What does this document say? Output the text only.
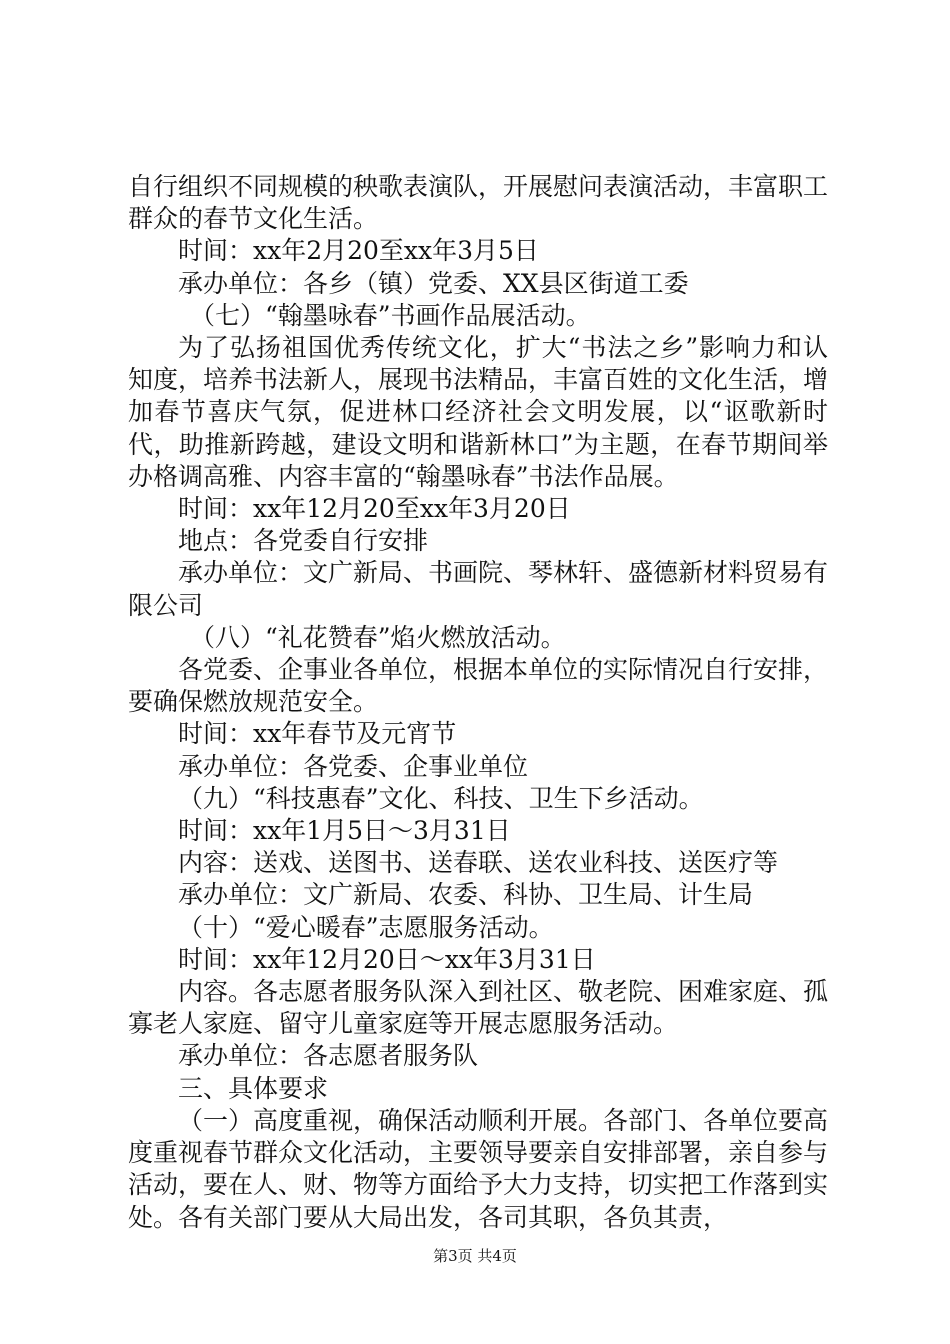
自行组织不同规模的秧歌表演队，开展慰问表演活动，丰富职工群众的春节文化生活。

时间：xx年2月20至xx年3月5日

承办单位：各乡（镇）党委、XX县区街道工委

（七）“翰墨咏春”书画作品展活动。

为了弘扬祖国优秀传统文化，扩大“书法之乡”影响力和认知度，培养书法新人，展现书法精品，丰富百姓的文化生活，增加春节喜庆气氛，促进林口经济社会文明发展，以“讴歌新时代，助推新跨越，建设文明和谐新林口”为主题，在春节期间举办格调高雅、内容丰富的“翰墨咏春”书法作品展。

时间：xx年12月20至xx年3月20日

地点：各党委自行安排

承办单位：文广新局、书画院、琴林轩、盛德新材料贸易有限公司

（八）“礼花赞春”焰火燃放活动。

各党委、企事业各单位，根据本单位的实际情况自行安排，要确保燃放规范安全。

时间：xx年春节及元宵节

承办单位：各党委、企事业单位

（九）“科技惠春”文化、科技、卫生下乡活动。

时间：xx年1月5日～3月31日

内容：送戏、送图书、送春联、送农业科技、送医疗等

承办单位：文广新局、农委、科协、卫生局、计生局

（十）“爱心暖春”志愿服务活动。

时间：xx年12月20日～xx年3月31日

内容。各志愿者服务队深入到社区、敬老院、困难家庭、孤寡老人家庭、留守儿童家庭等开展志愿服务活动。

承办单位：各志愿者服务队

三、具体要求

（一）高度重视，确保活动顺利开展。各部门、各单位要高度重视春节群众文化活动，主要领导要亲自安排部署，亲自参与活动，要在人、财、物等方面给予大力支持，切实把工作落到实处。各有关部门要从大局出发，各司其职，各负其责，

第3页 共4页
